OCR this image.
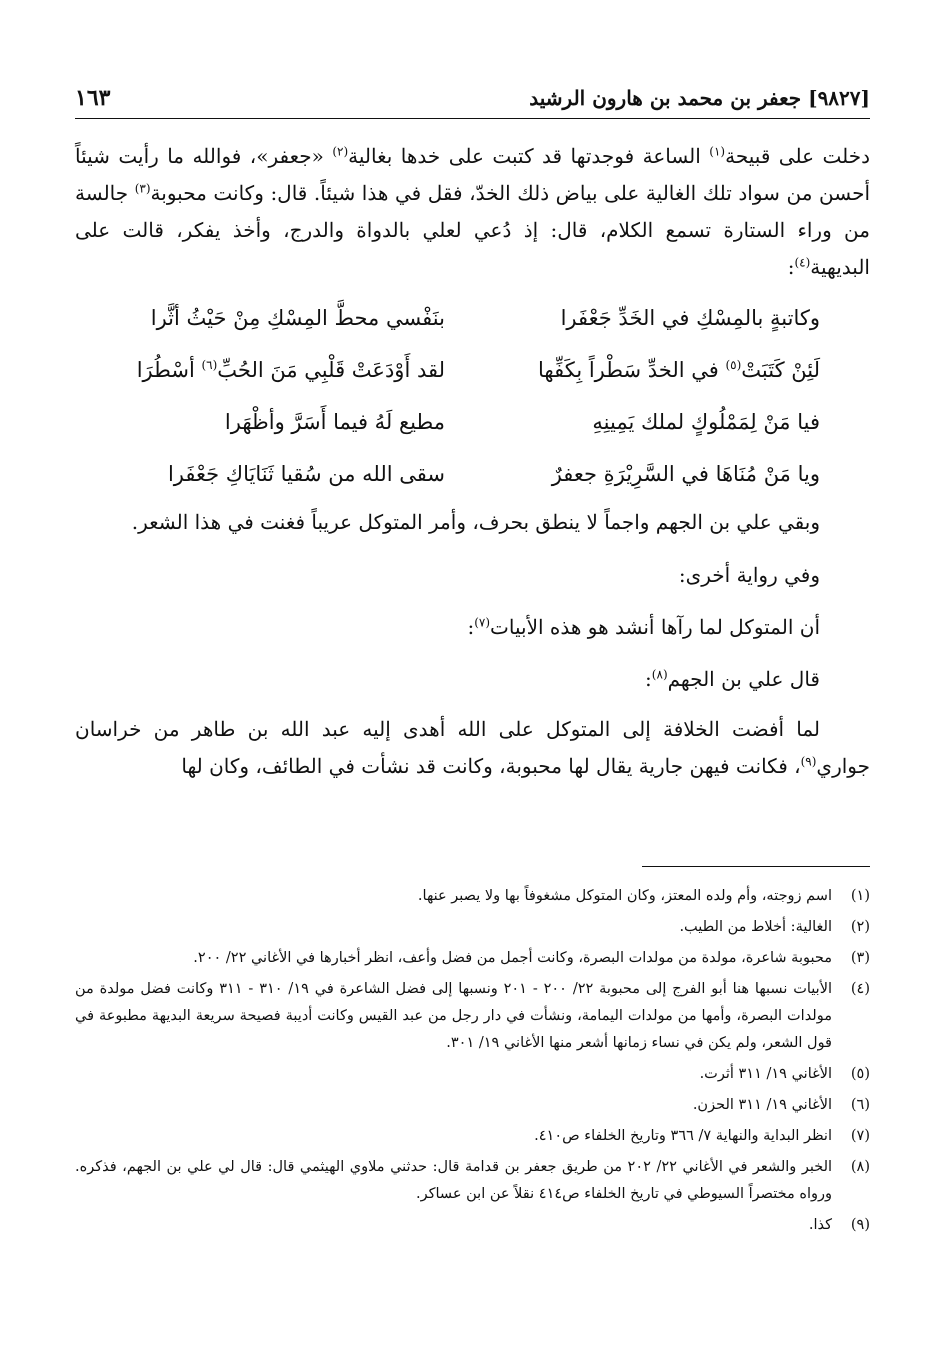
[٩٨٢٧] جعفر بن محمد بن هارون الرشيد
١٦٣

دخلت على قبيحة$^{(١)}$ الساعة فوجدتها قد كتبت على خدها بغالية$^{(٢)}$ «جعفر»، فوالله ما رأيت شيئاً أحسن من سواد تلك الغالية على بياض ذلك الخدّ، فقل في هذا شيئاً. قال: وكانت محبوبة$^{(٣)}$ جالسة من وراء الستارة تسمع الكلام، قال: إذ دُعي لعلي بالدواة والدرج، وأخذ يفكر، قالت على البديهية$^{(٤)}$:

وكاتبةٍ بالمِسْكِ في الخَدِّ جَعْفَرا
بنَفْسي محطَّ المِسْكِ مِنْ حَيْثُ أثَّرا
لَئِنْ كَتَبَتْ$^{(٥)}$ في الخدِّ سَطْراً بِكَفِّها
لقد أَوْدَعَتْ قَلْبِي مَنَ الحُبِّ$^{(٦)}$ أسْطُرَا
فيا مَنْ لِمَمْلُوكٍ لملك يَمِينِهِ
مطيع لَهُ فيما أَسَرَّ وأظْهَرا
ويا مَنْ مُنَاهَا في السَّرِيْرَةِ جعفرٌ
سقى الله من سُقيا ثَنَايَاكِ جَعْفَرا

وبقي علي بن الجهم واجماً لا ينطق بحرف، وأمر المتوكل عريباً فغنت في هذا الشعر.

وفي رواية أخرى:

أن المتوكل لما رآها أنشد هو هذه الأبيات$^{(٧)}$:

قال علي بن الجهم$^{(٨)}$:

لما أفضت الخلافة إلى المتوكل على الله أهدى إليه عبد الله بن طاهر من خراسان جواري$^{(٩)}$، فكانت فيهن جارية يقال لها محبوبة، وكانت قد نشأت في الطائف، وكان لها

(١)
اسم زوجته، وأم ولده المعتز، وكان المتوكل مشغوفاً بها ولا يصبر عنها.
(٢)
الغالية: أخلاط من الطيب.
(٣)
محبوبة شاعرة، مولدة من مولدات البصرة، وكانت أجمل من فضل وأعف، انظر أخبارها في الأغاني ٢٢/ ٢٠٠.
(٤)
الأبيات نسبها هنا أبو الفرج إلى محبوبة ٢٢/ ٢٠٠ - ٢٠١ ونسبها إلى فضل الشاعرة في ١٩/ ٣١٠ - ٣١١ وكانت فضل مولدة من مولدات البصرة، وأمها من مولدات اليمامة، ونشأت في دار رجل من عبد القيس وكانت أديبة فصيحة سريعة البديهة مطبوعة في قول الشعر، ولم يكن في نساء زمانها أشعر منها الأغاني ١٩/ ٣٠١.
(٥)
الأغاني ١٩/ ٣١١ أثرت.
(٦)
الأغاني ١٩/ ٣١١ الحزن.
(٧)
انظر البداية والنهاية ٧/ ٣٦٦ وتاريخ الخلفاء ص٤١٠.
(٨)
الخبر والشعر في الأغاني ٢٢/ ٢٠٢ من طريق جعفر بن قدامة قال: حدثني ملاوي الهيثمي قال: قال لي علي بن الجهم، فذكره. ورواه مختصراً السيوطي في تاريخ الخلفاء ص٤١٤ نقلاً عن ابن عساكر.
(٩)
كذا.
